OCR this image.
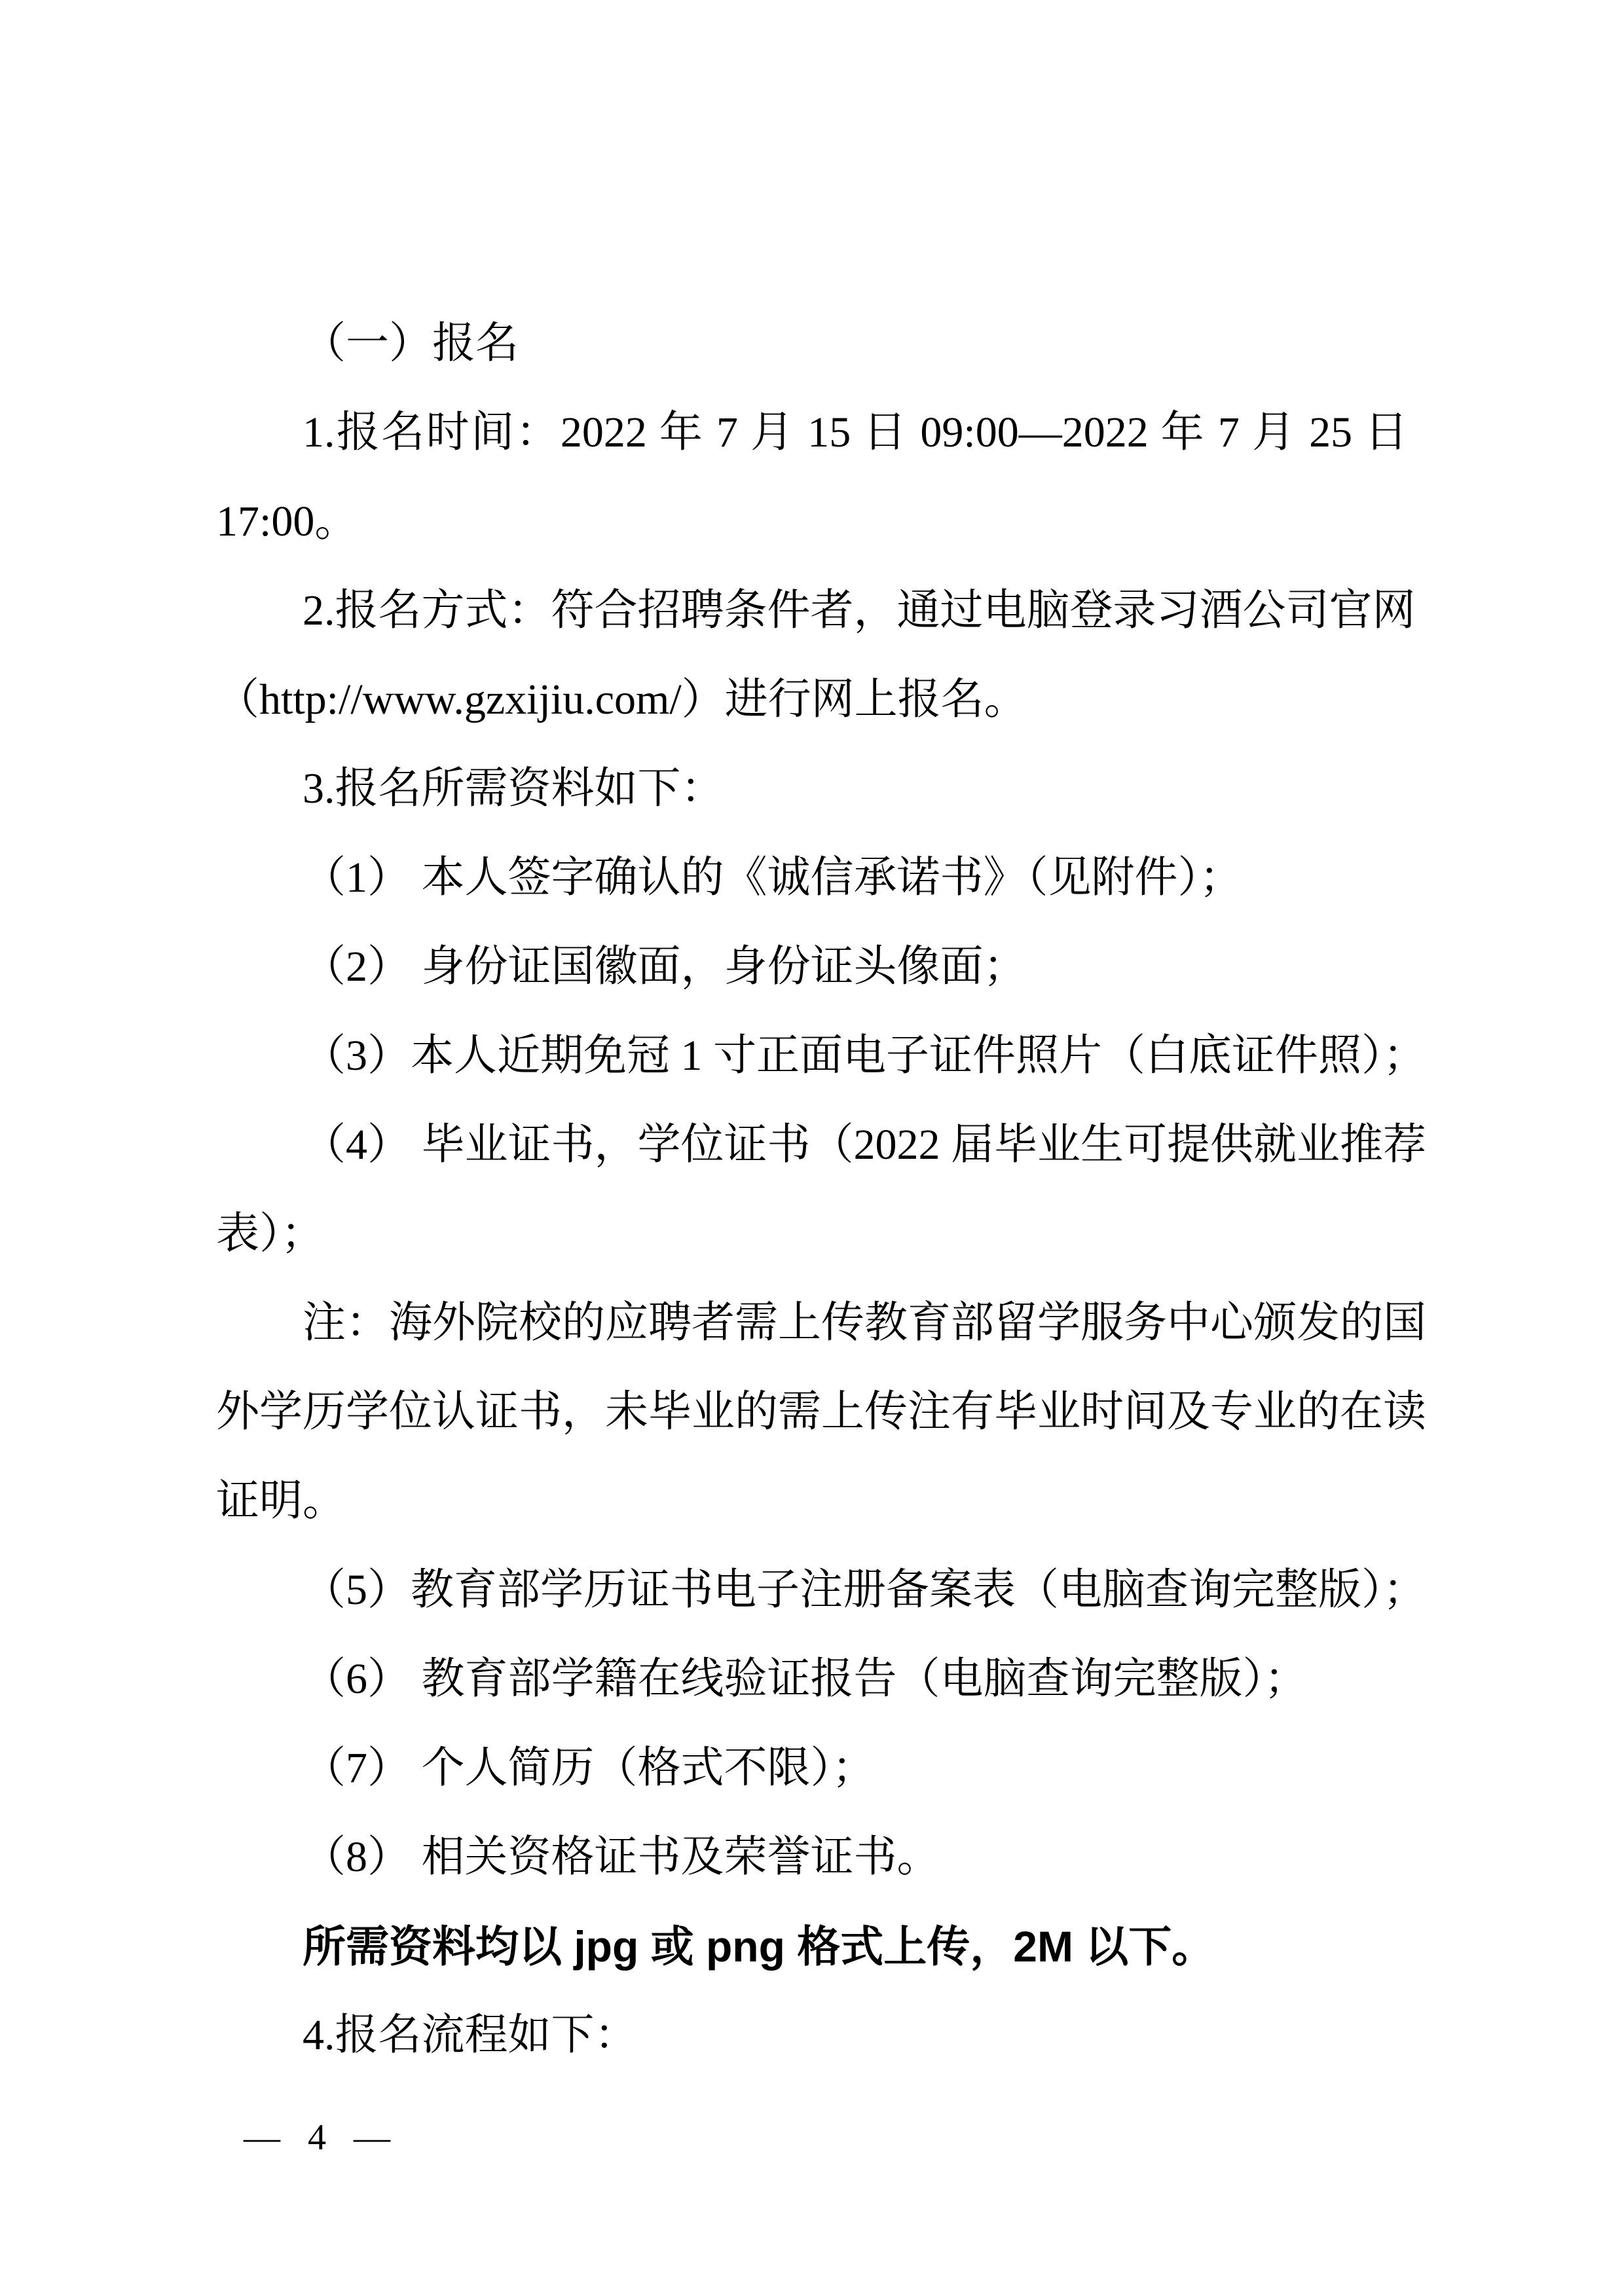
（一）报名
1.报名时间：2022 年 7 月 15 日 09:00—2022 年 7 月 25 日
17:00。
2.报名方式：符合招聘条件者，通过电脑登录习酒公司官网
（http://www.gzxijiu.com/）进行网上报名。
3.报名所需资料如下：
（1） 本人签字确认的《诚信承诺书》（见附件）；
（2） 身份证国徽面，身份证头像面；
（3）本人近期免冠 1 寸正面电子证件照片（白底证件照）；
（4） 毕业证书，学位证书（2022 届毕业生可提供就业推荐
表）；
注：海外院校的应聘者需上传教育部留学服务中心颁发的国
外学历学位认证书，未毕业的需上传注有毕业时间及专业的在读
证明。
（5）教育部学历证书电子注册备案表（电脑查询完整版）；
（6） 教育部学籍在线验证报告（电脑查询完整版）；
（7） 个人简历（格式不限）；
（8） 相关资格证书及荣誉证书。
所需资料均以 jpg 或 png 格式上传，2M 以下。
4.报名流程如下：
— 4 —
